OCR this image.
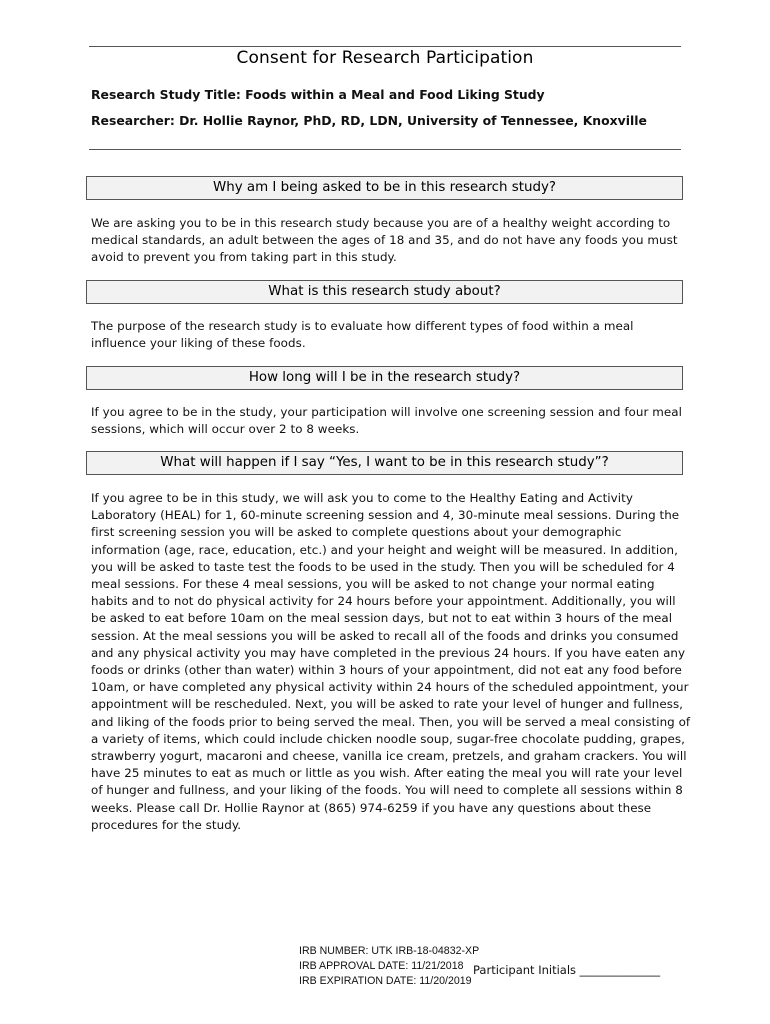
Consent for Research Participation
Research Study Title: Foods within a Meal and Food Liking Study
Researcher: Dr. Hollie Raynor, PhD, RD, LDN, University of Tennessee, Knoxville
Why am I being asked to be in this research study?

We are asking you to be in this research study because you are of a healthy weight according to medical standards, an adult between the ages of 18 and 35, and do not have any foods you must avoid to prevent you from taking part in this study.

What is this research study about?

The purpose of the research study is to evaluate how different types of food within a meal influence your liking of these foods.

How long will I be in the research study?

If you agree to be in the study, your participation will involve one screening session and four meal sessions, which will occur over 2 to 8 weeks.

What will happen if I say “Yes, I want to be in this research study”?

If you agree to be in this study, we will ask you to come to the Healthy Eating and Activity Laboratory (HEAL) for 1, 60-minute screening session and 4, 30-minute meal sessions. During the first screening session you will be asked to complete questions about your demographic information (age, race, education, etc.) and your height and weight will be measured. In addition, you will be asked to taste test the foods to be used in the study. Then you will be scheduled for 4 meal sessions. For these 4 meal sessions, you will be asked to not change your normal eating habits and to not do physical activity for 24 hours before your appointment. Additionally, you will be asked to eat before 10am on the meal session days, but not to eat within 3 hours of the meal session. At the meal sessions you will be asked to recall all of the foods and drinks you consumed and any physical activity you may have completed in the previous 24 hours. If you have eaten any foods or drinks (other than water) within 3 hours of your appointment, did not eat any food before 10am, or have completed any physical activity within 24 hours of the scheduled appointment, your appointment will be rescheduled. Next, you will be asked to rate your level of hunger and fullness, and liking of the foods prior to being served the meal. Then, you will be served a meal consisting of a variety of items, which could include chicken noodle soup, sugar-free chocolate pudding, grapes, strawberry yogurt, macaroni and cheese, vanilla ice cream, pretzels, and graham crackers. You will have 25 minutes to eat as much or little as you wish. After eating the meal you will rate your level of hunger and fullness, and your liking of the foods. You will need to complete all sessions within 8 weeks. Please call Dr. Hollie Raynor at (865) 974-6259 if you have any questions about these procedures for the study.

IRB NUMBER: UTK IRB-18-04832-XP
IRB APPROVAL DATE: 11/21/2018
IRB EXPIRATION DATE: 11/20/2019
Participant Initials ______________
